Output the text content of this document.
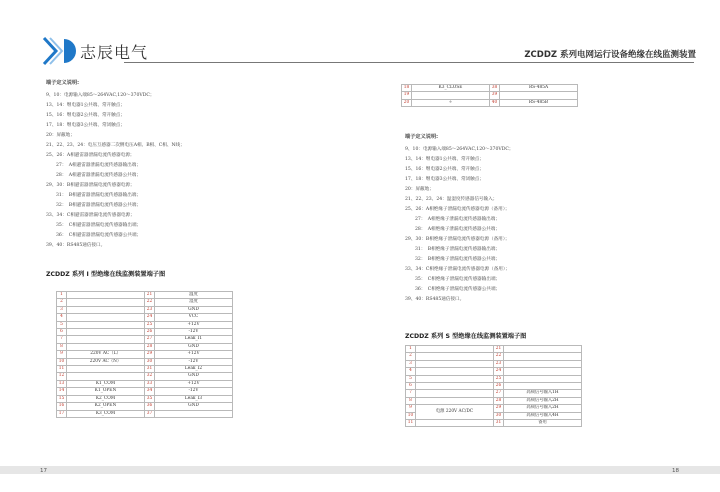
志辰电气	ZCDDZ 系列电网运行设备绝缘在线监测装置
端子定义说明:
9、10：电源输入端85～264VAC,120～370VDC；
13、14：继电器1公共端、常开触点；
15、16：继电器2公共端、常开触点；
17、18：继电器3公共端、常闭触点；
20：屏蔽地；
21、22、23、24：电压互感器二次侧电压A相、B相、C相、N线；
25、26：A相避雷器泄漏电流传感器电源；
27：　A相避雷器泄漏电流传感器输出端；
28：　A相避雷器泄漏电流传感器公共端；
29、30：B相避雷器泄漏电流传感器电源；
31：　B相避雷器泄漏电流传感器输出端；
32：　B相避雷器泄漏电流传感器公共端；
33、34：C相避雷器泄漏电流传感器电源；
35：　C相避雷器泄漏电流传感器输出端；
36：　C相避雷器泄漏电流传感器公共端；
39、40：RS485通信接口。
ZCDDZ 系列 I 型绝缘在线监测装置端子图
1		21	温度
2		22	湿度
3		23	GND
4		24	VCC
5		25	+12V
6		26	-12V
7		27	Leak_I1
8		28	GND
9	220V AC（L）	29	+12V
10	220V AC（N）	30	-12V
11		31	Leak_I2
12		32	GND
13	K1_COM	33	+12V
14	K1_OPEN	34	-12V
15	K2_COM	35	Leak_I3
16	K2_OPEN	36	GND
17	K3_COM	37	
18	K3_CLOSE	38	RS-485A
19		39	
20	⏚	40	RS-485B
端子定义说明:
9、10：电源输入端85～264VAC,120～370VDC；
13、14：继电器1公共端、常开触点；
15、16：继电器2公共端、常开触点；
17、18：继电器3公共端、常闭触点；
20：屏蔽地；
21、22、23、24：温湿度传感器信号输入；
25、26：A相绝缘子泄漏电流传感器电源（备用）；
27：　A相绝缘子泄漏电流传感器输出端；
28：　A相绝缘子泄漏电流传感器公共端；
29、30：B相绝缘子泄漏电流传感器电源（备用）；
31：　B相绝缘子泄漏电流传感器输出端；
32：　B相绝缘子泄漏电流传感器公共端；
33、34：C相绝缘子泄漏电流传感器电源（备用）；
35：　C相绝缘子泄漏电流传感器输出端；
36：　C相绝缘子泄漏电流传感器公共端；
39、40：RS485通信接口。
ZCDDZ 系列 S 型绝缘在线监测装置端子图
1		21	
2		22	
3		23	
4		24	
5		25	
6		26	
7		27	高频信号输入1H
8		28	高频信号输入2H
9	电源 220V AC/DC	29	高频信号输入2H
10		30	高频信号输入4H
11		31	备用
17	18
